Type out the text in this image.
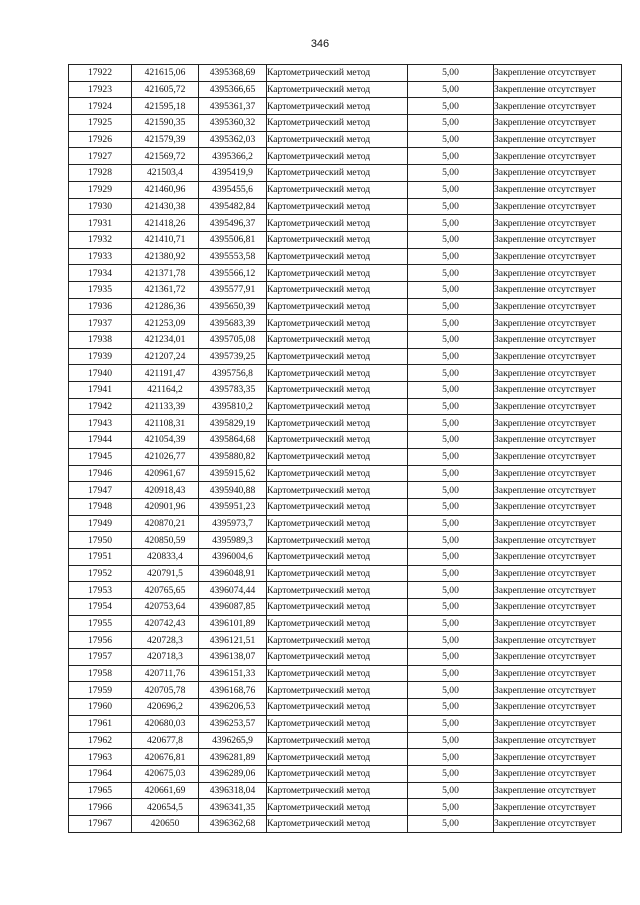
346
17922	421615,06	4395368,69	Картометрический метод	5,00	Закрепление отсутствует
17923	421605,72	4395366,65	Картометрический метод	5,00	Закрепление отсутствует
17924	421595,18	4395361,37	Картометрический метод	5,00	Закрепление отсутствует
17925	421590,35	4395360,32	Картометрический метод	5,00	Закрепление отсутствует
17926	421579,39	4395362,03	Картометрический метод	5,00	Закрепление отсутствует
17927	421569,72	4395366,2	Картометрический метод	5,00	Закрепление отсутствует
17928	421503,4	4395419,9	Картометрический метод	5,00	Закрепление отсутствует
17929	421460,96	4395455,6	Картометрический метод	5,00	Закрепление отсутствует
17930	421430,38	4395482,84	Картометрический метод	5,00	Закрепление отсутствует
17931	421418,26	4395496,37	Картометрический метод	5,00	Закрепление отсутствует
17932	421410,71	4395506,81	Картометрический метод	5,00	Закрепление отсутствует
17933	421380,92	4395553,58	Картометрический метод	5,00	Закрепление отсутствует
17934	421371,78	4395566,12	Картометрический метод	5,00	Закрепление отсутствует
17935	421361,72	4395577,91	Картометрический метод	5,00	Закрепление отсутствует
17936	421286,36	4395650,39	Картометрический метод	5,00	Закрепление отсутствует
17937	421253,09	4395683,39	Картометрический метод	5,00	Закрепление отсутствует
17938	421234,01	4395705,08	Картометрический метод	5,00	Закрепление отсутствует
17939	421207,24	4395739,25	Картометрический метод	5,00	Закрепление отсутствует
17940	421191,47	4395756,8	Картометрический метод	5,00	Закрепление отсутствует
17941	421164,2	4395783,35	Картометрический метод	5,00	Закрепление отсутствует
17942	421133,39	4395810,2	Картометрический метод	5,00	Закрепление отсутствует
17943	421108,31	4395829,19	Картометрический метод	5,00	Закрепление отсутствует
17944	421054,39	4395864,68	Картометрический метод	5,00	Закрепление отсутствует
17945	421026,77	4395880,82	Картометрический метод	5,00	Закрепление отсутствует
17946	420961,67	4395915,62	Картометрический метод	5,00	Закрепление отсутствует
17947	420918,43	4395940,88	Картометрический метод	5,00	Закрепление отсутствует
17948	420901,96	4395951,23	Картометрический метод	5,00	Закрепление отсутствует
17949	420870,21	4395973,7	Картометрический метод	5,00	Закрепление отсутствует
17950	420850,59	4395989,3	Картометрический метод	5,00	Закрепление отсутствует
17951	420833,4	4396004,6	Картометрический метод	5,00	Закрепление отсутствует
17952	420791,5	4396048,91	Картометрический метод	5,00	Закрепление отсутствует
17953	420765,65	4396074,44	Картометрический метод	5,00	Закрепление отсутствует
17954	420753,64	4396087,85	Картометрический метод	5,00	Закрепление отсутствует
17955	420742,43	4396101,89	Картометрический метод	5,00	Закрепление отсутствует
17956	420728,3	4396121,51	Картометрический метод	5,00	Закрепление отсутствует
17957	420718,3	4396138,07	Картометрический метод	5,00	Закрепление отсутствует
17958	420711,76	4396151,33	Картометрический метод	5,00	Закрепление отсутствует
17959	420705,78	4396168,76	Картометрический метод	5,00	Закрепление отсутствует
17960	420696,2	4396206,53	Картометрический метод	5,00	Закрепление отсутствует
17961	420680,03	4396253,57	Картометрический метод	5,00	Закрепление отсутствует
17962	420677,8	4396265,9	Картометрический метод	5,00	Закрепление отсутствует
17963	420676,81	4396281,89	Картометрический метод	5,00	Закрепление отсутствует
17964	420675,03	4396289,06	Картометрический метод	5,00	Закрепление отсутствует
17965	420661,69	4396318,04	Картометрический метод	5,00	Закрепление отсутствует
17966	420654,5	4396341,35	Картометрический метод	5,00	Закрепление отсутствует
17967	420650	4396362,68	Картометрический метод	5,00	Закрепление отсутствует
